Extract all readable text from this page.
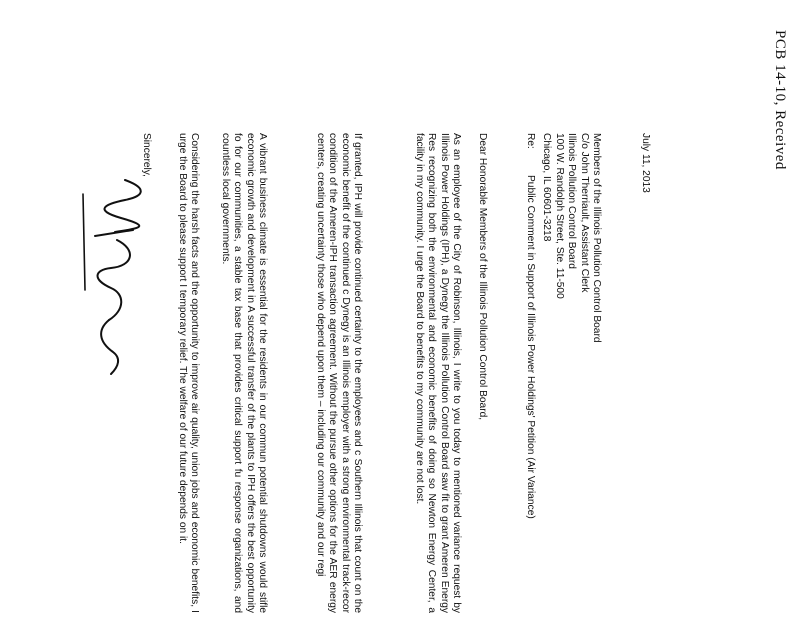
PCB 14-10, Received
July 11, 2013
Members of the Illinois Pollution Control Board
C/o John Therriault, Assistant Clerk
Illinois Pollution Control Board
100 W. Randolph Street, Ste. 11-500
Chicago, IL 60601-3218
Re:
Public Comment in Support of Illinois Power Holdings' Petition (Air Variance)
Dear Honorable Members of the Illinois Pollution Control Board,
As an employee of the City of Robinson, Illinois, I write to you today to mentioned variance request by Illinois Power Holdings (IPH), a Dynegy the Illinois Pollution Control Board saw fit to grant Ameren Energy Res recognizing both the environmental and economic benefits of doing so Newton Energy Center, a facility in my community. I urge the Board to benefits to my community are not lost.
If granted, IPH will provide continued certainty to the employees and c Southern Illinois that count on the economic benefit of the continued c Dynegy is an Illinois employer with a strong environmental track-recor condition of the Ameren-IPH transaction agreement. Without the pursue other options for the AER energy centers, creating uncertainty those who depend upon them – including our community and our regi
A vibrant business climate is essential for the residents in our commun potential shutdowns would stifle economic growth and development in A successful transfer of the plants to IPH offers the best opportunity fo for our communities, a stable tax base that provides critical support fu response organizations, and countless local governments.
Considering the harsh facts and the opportunity to improve air quality, union jobs and economic benefits, I urge the Board to please support I temporary relief. The welfare of our future depends on it.
Sincerely,
